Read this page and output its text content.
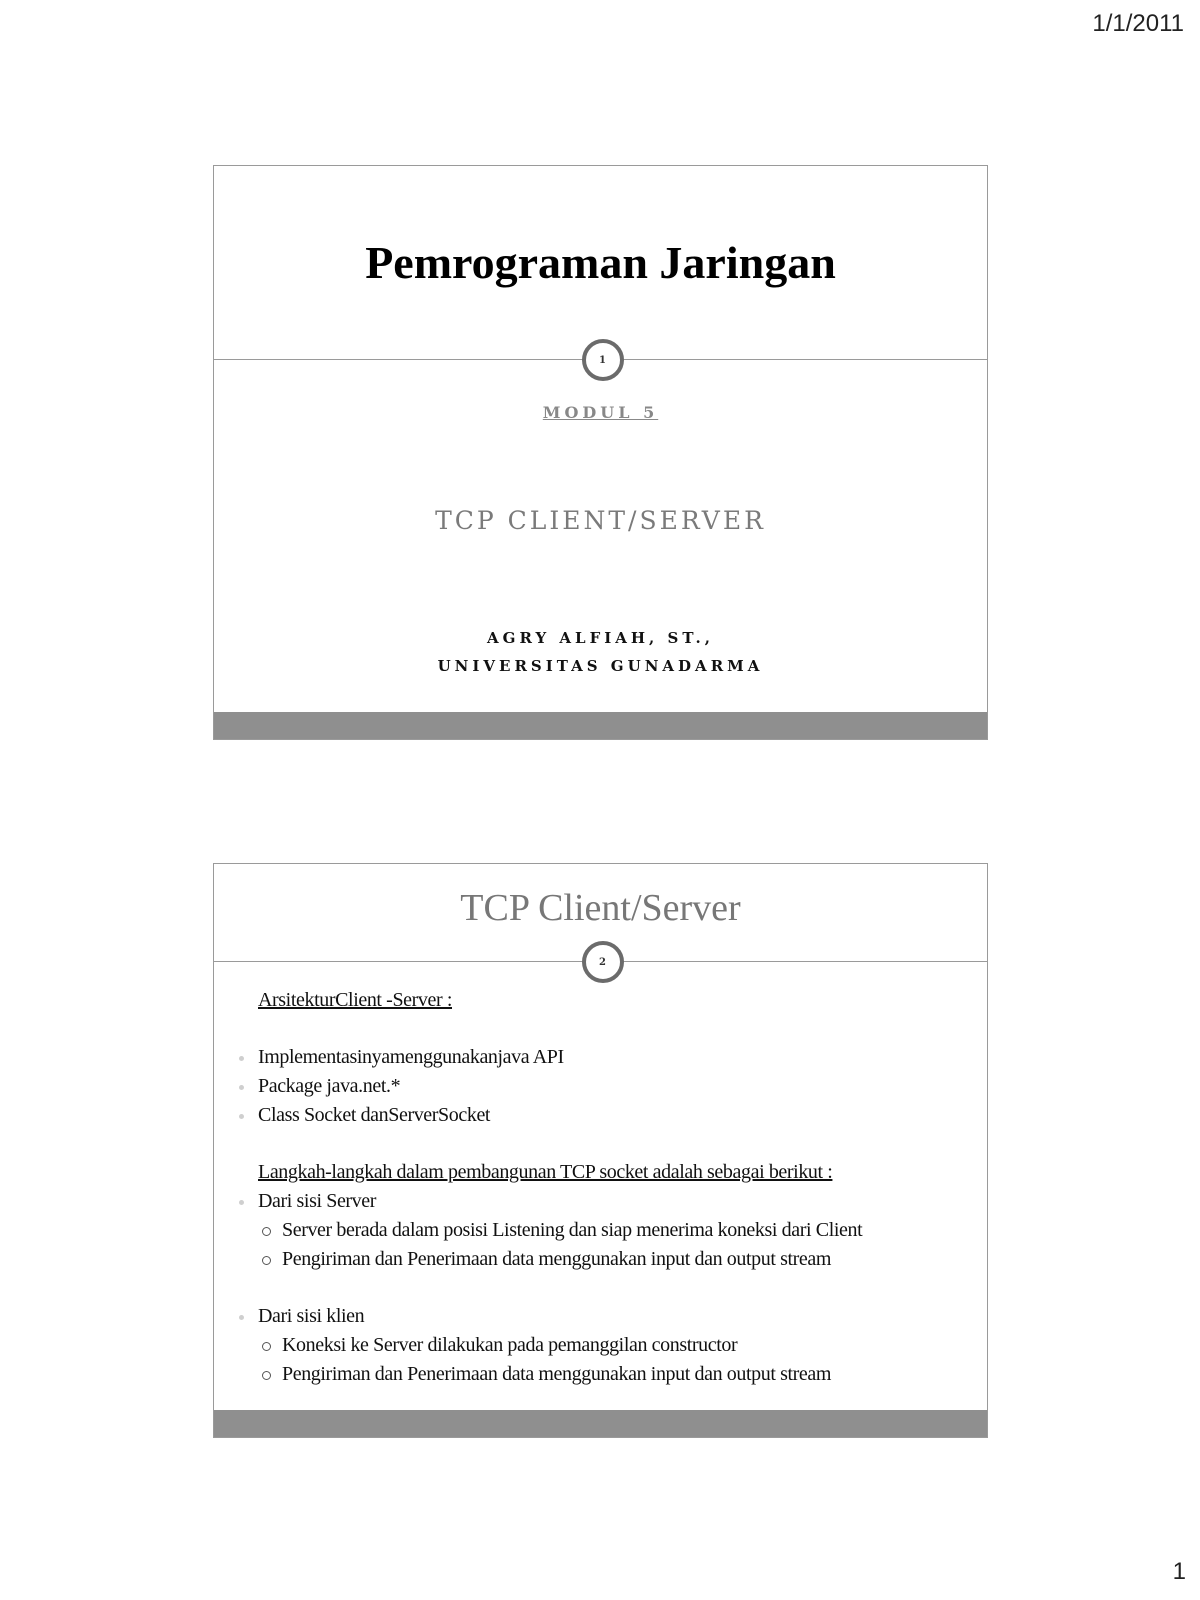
1/1/2011
Pemrograman Jaringan
1
MODUL 5
TCP CLIENT/SERVER
AGRY ALFIAH, ST.,
UNIVERSITAS GUNADARMA
TCP Client/Server
2
ArsitekturClient -Server :
Implementasinyamenggunakanjava API
Package java.net.*
Class Socket danServerSocket
Langkah-langkah dalam pembangunan TCP socket adalah sebagai berikut :
Dari sisi Server
Server berada dalam posisi Listening dan siap menerima koneksi dari Client
Pengiriman dan Penerimaan data menggunakan input dan output stream
Dari sisi klien
Koneksi ke Server dilakukan pada pemanggilan constructor
Pengiriman dan Penerimaan data menggunakan input dan output stream
1
